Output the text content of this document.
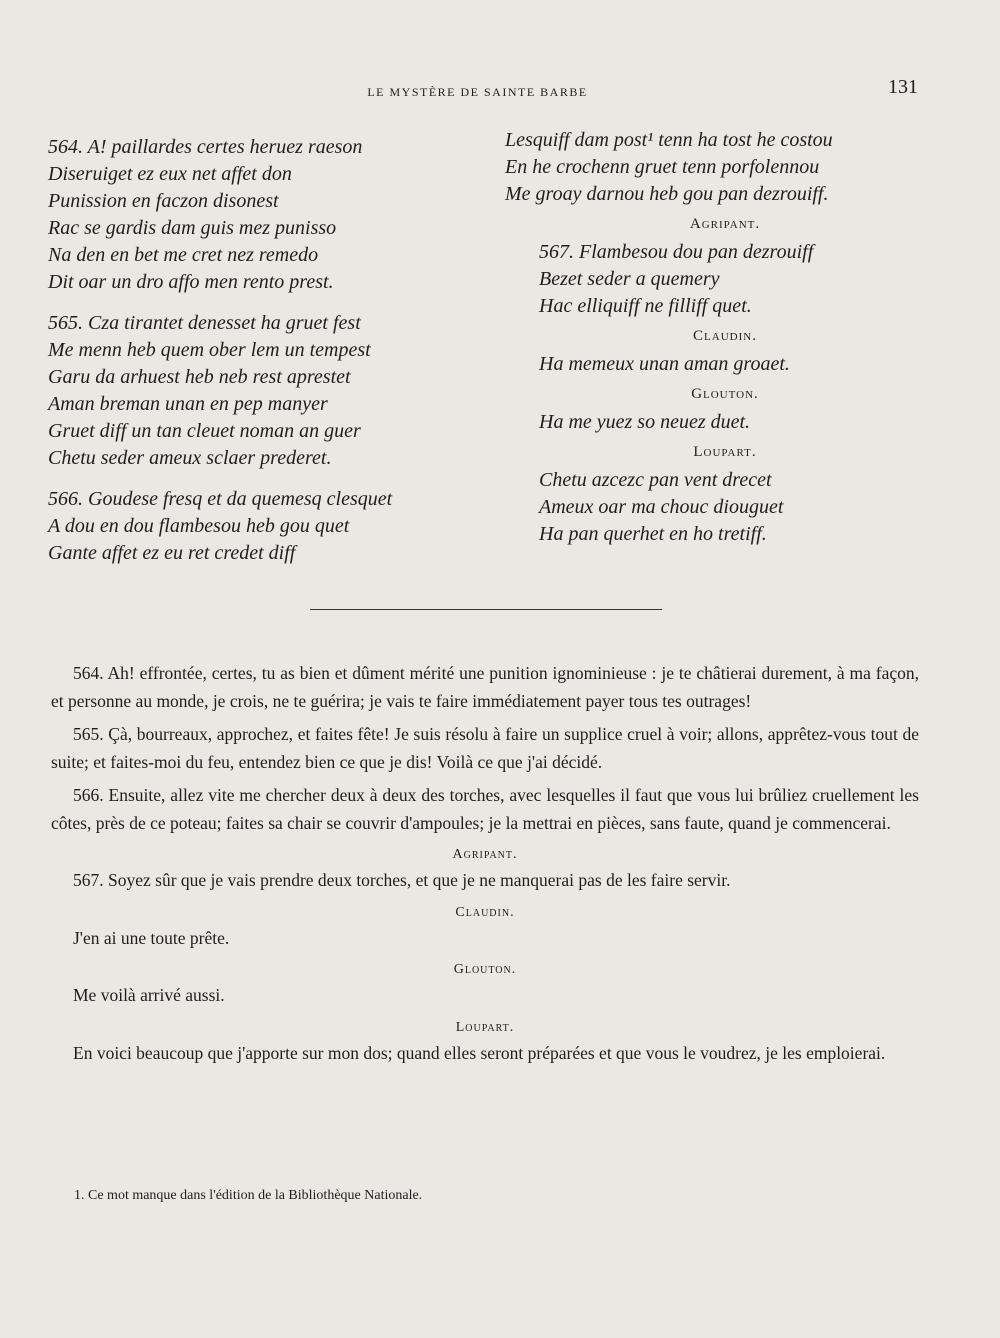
LE MYSTÈRE DE SAINTE BARBE	131
564. A! paillardes certes heruez raeson
Diseruiget ez eux net affet don
Punission en faczon disonest
Rac se gardis dam guis mez punisso
Na den en bet me cret nez remedo
Dit oar un dro affo men rento prest.
565. Cza tirantet denesset ha gruet fest
Me menn heb quem ober lem un tempest
Garu da arhuest heb neb rest aprestet
Aman breman unan en pep manyer
Gruet diff un tan cleuet noman an guer
Chetu seder ameux sclaer prederet.
566. Goudese fresq et da quemesq clesquet
A dou en dou flambesou heb gou quet
Gante affet ez eu ret credet diff
Lesquiff dam post¹ tenn ha tost he costou
En he crochenn gruet tenn porfolennou
Me groay darnou heb gou pan dezrouiff.
Agripant.
567. Flambesou dou pan dezrouiff
Bezet seder a quemery
Hac elliquiff ne filliff quet.
Claudin.
Ha memeux unan aman groaet.
Glouton.
Ha me yuez so neuez duet.
Loupart.
Chetu azcezc pan vent drecet
Ameux oar ma chouc diouguet
Ha pan querhet en ho tretiff.

564. Ah! effrontée, certes, tu as bien et dûment mérité une punition ignominieuse : je te châtierai durement, à ma façon, et personne au monde, je crois, ne te guérira; je vais te faire immédiatement payer tous tes outrages!

565. Çà, bourreaux, approchez, et faites fête! Je suis résolu à faire un supplice cruel à voir; allons, apprêtez-vous tout de suite; et faites-moi du feu, entendez bien ce que je dis! Voilà ce que j'ai décidé.

566. Ensuite, allez vite me chercher deux à deux des torches, avec lesquelles il faut que vous lui brûliez cruellement les côtes, près de ce poteau; faites sa chair se couvrir d'ampoules; je la mettrai en pièces, sans faute, quand je commencerai.

Agripant.

567. Soyez sûr que je vais prendre deux torches, et que je ne manquerai pas de les faire servir.

Claudin.

J'en ai une toute prête.

Glouton.

Me voilà arrivé aussi.

Loupart.

En voici beaucoup que j'apporte sur mon dos; quand elles seront préparées et que vous le voudrez, je les emploierai.

1. Ce mot manque dans l'édition de la Bibliothèque Nationale.
